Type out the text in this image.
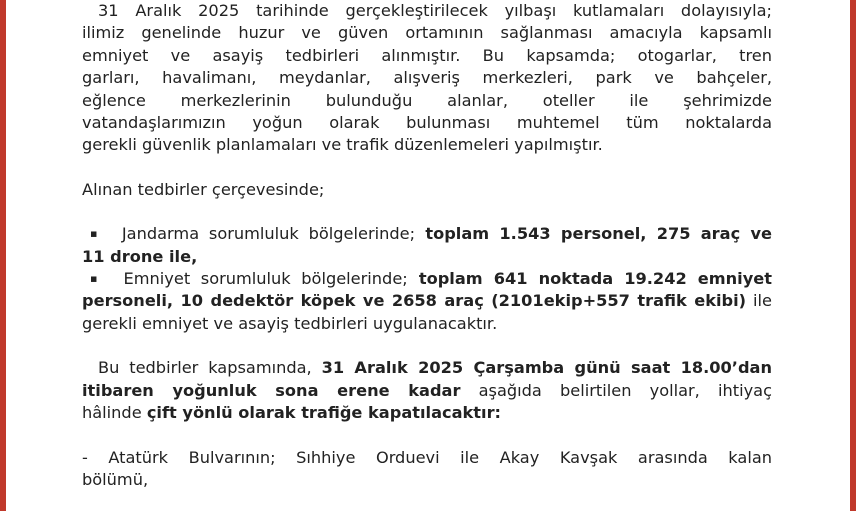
31 Aralık 2025 tarihinde gerçekleştirilecek yılbaşı kutlamaları dolayısıyla;
ilimiz genelinde huzur ve güven ortamının sağlanması amacıyla kapsamlı
emniyet ve asayiş tedbirleri alınmıştır. Bu kapsamda; otogarlar, tren
garları, havalimanı, meydanlar, alışveriş merkezleri, park ve bahçeler,
eğlence merkezlerinin bulunduğu alanlar, oteller ile şehrimizde
vatandaşlarımızın yoğun olarak bulunması muhtemel tüm noktalarda
gerekli güvenlik planlamaları ve trafik düzenlemeleri yapılmıştır.
Alınan tedbirler çerçevesinde;
▪ Jandarma sorumluluk bölgelerinde; toplam 1.543 personel, 275 araç ve
11 drone ile,
▪ Emniyet sorumluluk bölgelerinde; toplam 641 noktada 19.242 emniyet
personeli, 10 dedektör köpek ve 2658 araç (2101ekip+557 trafik ekibi) ile
gerekli emniyet ve asayiş tedbirleri uygulanacaktır.
Bu tedbirler kapsamında, 31 Aralık 2025 Çarşamba günü saat 18.00’dan
itibaren yoğunluk sona erene kadar aşağıda belirtilen yollar, ihtiyaç
hâlinde çift yönlü olarak trafiğe kapatılacaktır:
- Atatürk Bulvarının; Sıhhiye Orduevi ile Akay Kavşak arasında kalan
bölümü,
